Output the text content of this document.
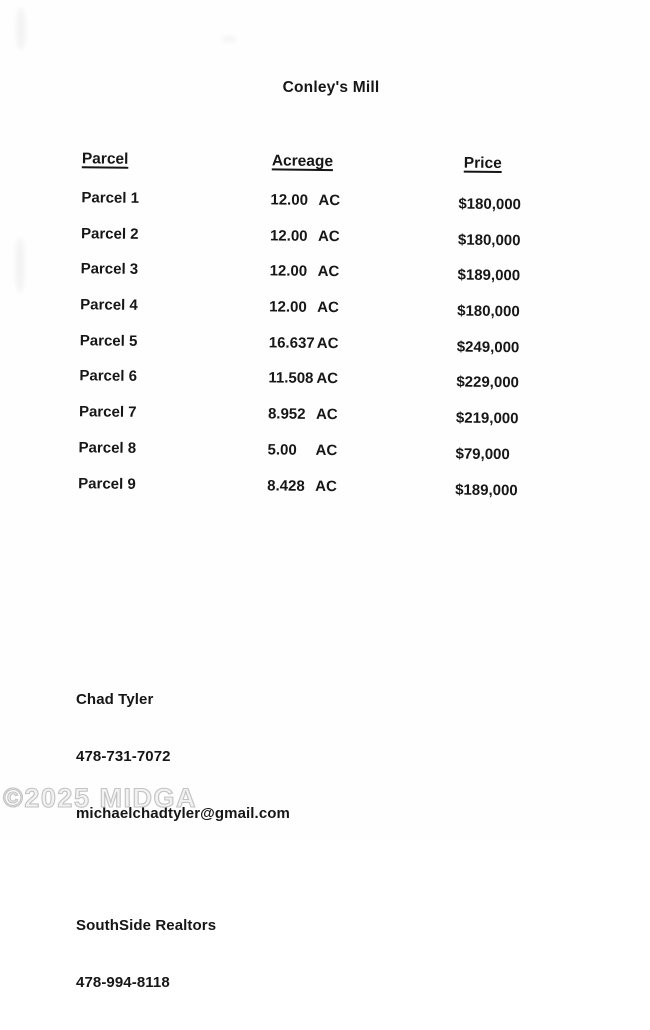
Conley's Mill
Parcel	Acreage	Price
Parcel 1	12.00 AC	$180,000
Parcel 2	12.00 AC	$180,000
Parcel 3	12.00 AC	$189,000
Parcel 4	12.00 AC	$180,000
Parcel 5	16.637 AC	$249,000
Parcel 6	11.508 AC	$229,000
Parcel 7	8.952 AC	$219,000
Parcel 8	5.00 AC	$79,000
Parcel 9	8.428 AC	$189,000

Chad Tyler

478-731-7072

michaelchadtyler@gmail.com

SouthSide Realtors

478-994-8118

©2025 MIDGA
